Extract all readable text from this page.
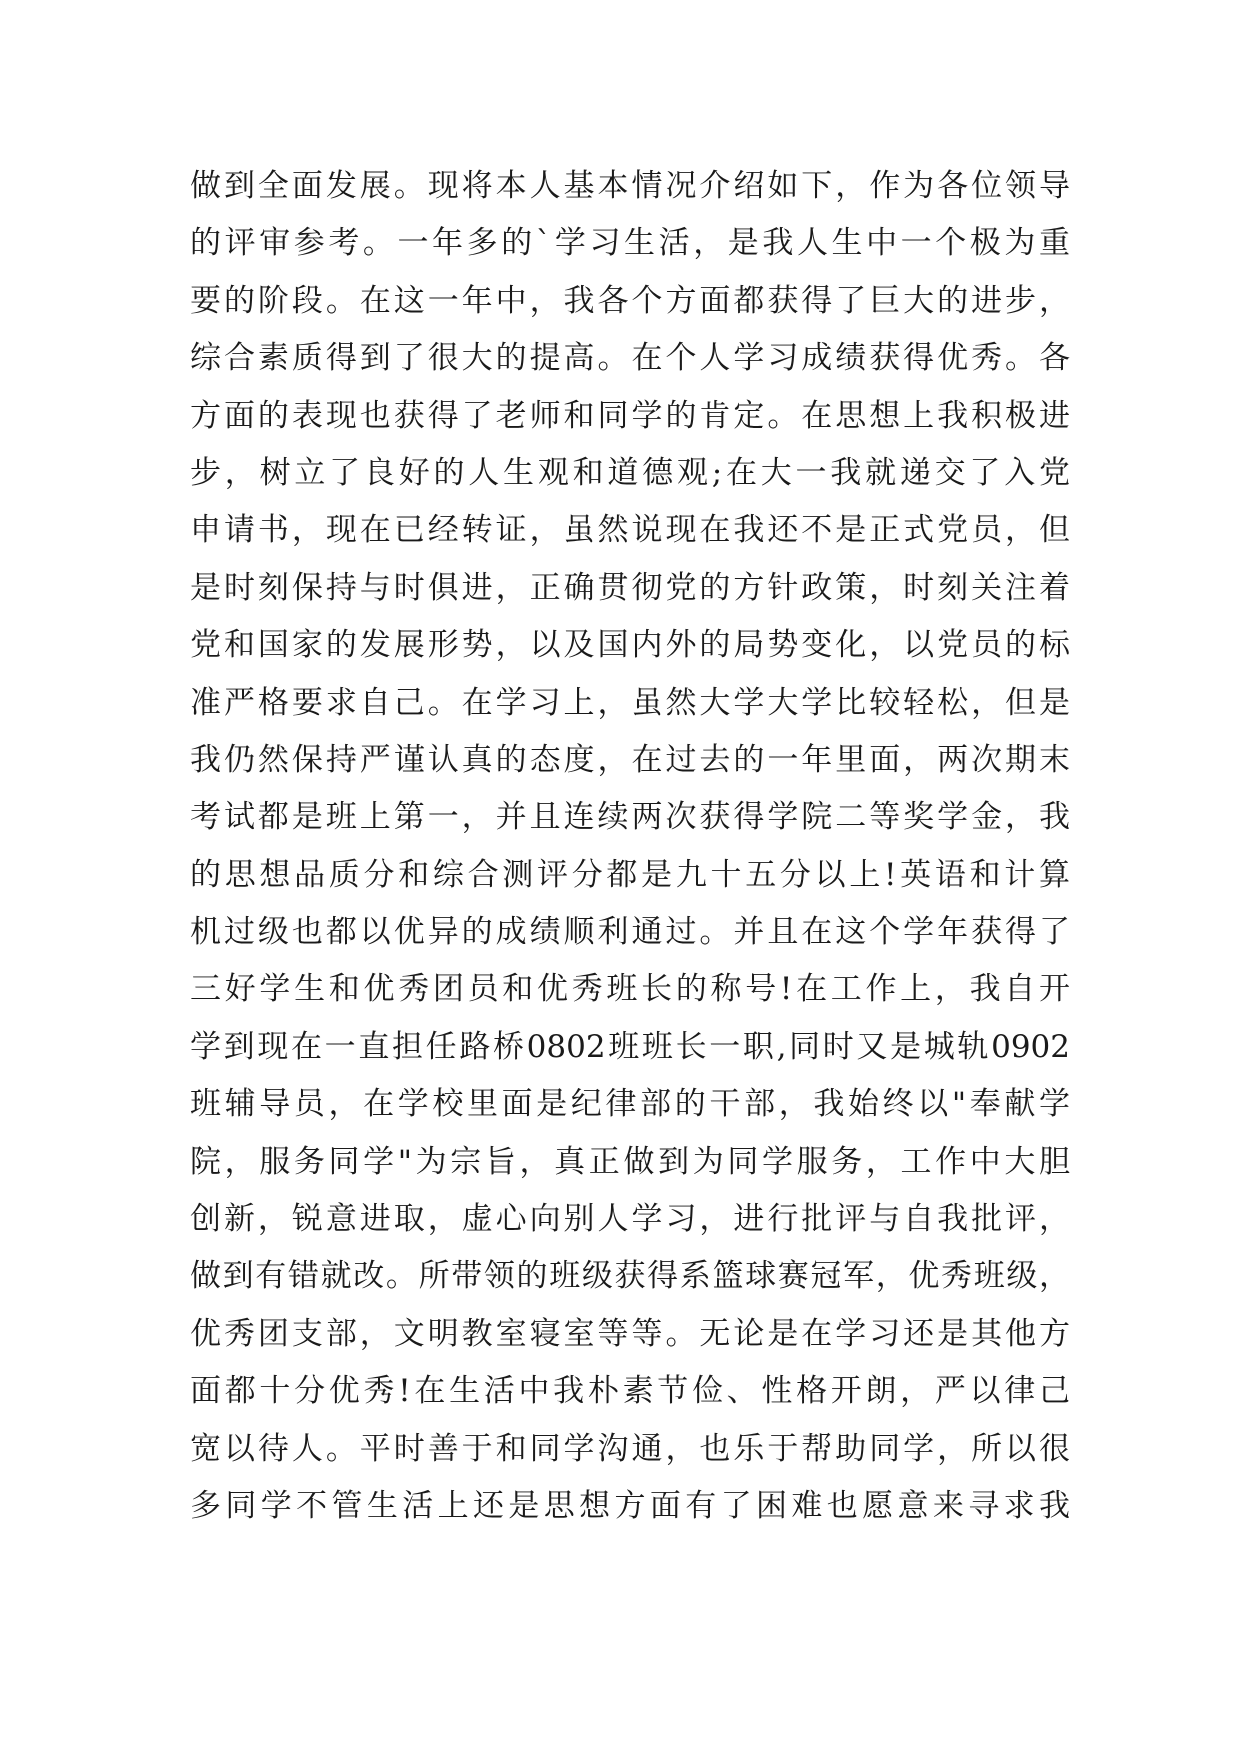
做到全面发展。现将本人基本情况介绍如下，作为各位领导
的评审参考。一年多的`学习生活，是我人生中一个极为重
要的阶段。在这一年中，我各个方面都获得了巨大的进步，
综合素质得到了很大的提高。在个人学习成绩获得优秀。各
方面的表现也获得了老师和同学的肯定。在思想上我积极进
步，树立了良好的人生观和道德观;在大一我就递交了入党
申请书，现在已经转证，虽然说现在我还不是正式党员，但
是时刻保持与时俱进，正确贯彻党的方针政策，时刻关注着
党和国家的发展形势，以及国内外的局势变化，以党员的标
准严格要求自己。在学习上，虽然大学大学比较轻松，但是
我仍然保持严谨认真的态度，在过去的一年里面，两次期末
考试都是班上第一，并且连续两次获得学院二等奖学金，我
的思想品质分和综合测评分都是九十五分以上!英语和计算
机过级也都以优异的成绩顺利通过。并且在这个学年获得了
三好学生和优秀团员和优秀班长的称号!在工作上，我自开
学到现在一直担任路桥0802班班长一职,同时又是城轨0902
班辅导员，在学校里面是纪律部的干部，我始终以"奉献学
院，服务同学"为宗旨，真正做到为同学服务，工作中大胆
创新，锐意进取，虚心向别人学习，进行批评与自我批评，
做到有错就改。所带领的班级获得系篮球赛冠军，优秀班级，
优秀团支部，文明教室寝室等等。无论是在学习还是其他方
面都十分优秀!在生活中我朴素节俭、性格开朗，严以律己
宽以待人。平时善于和同学沟通，也乐于帮助同学，所以很
多同学不管生活上还是思想方面有了困难也愿意来寻求我
